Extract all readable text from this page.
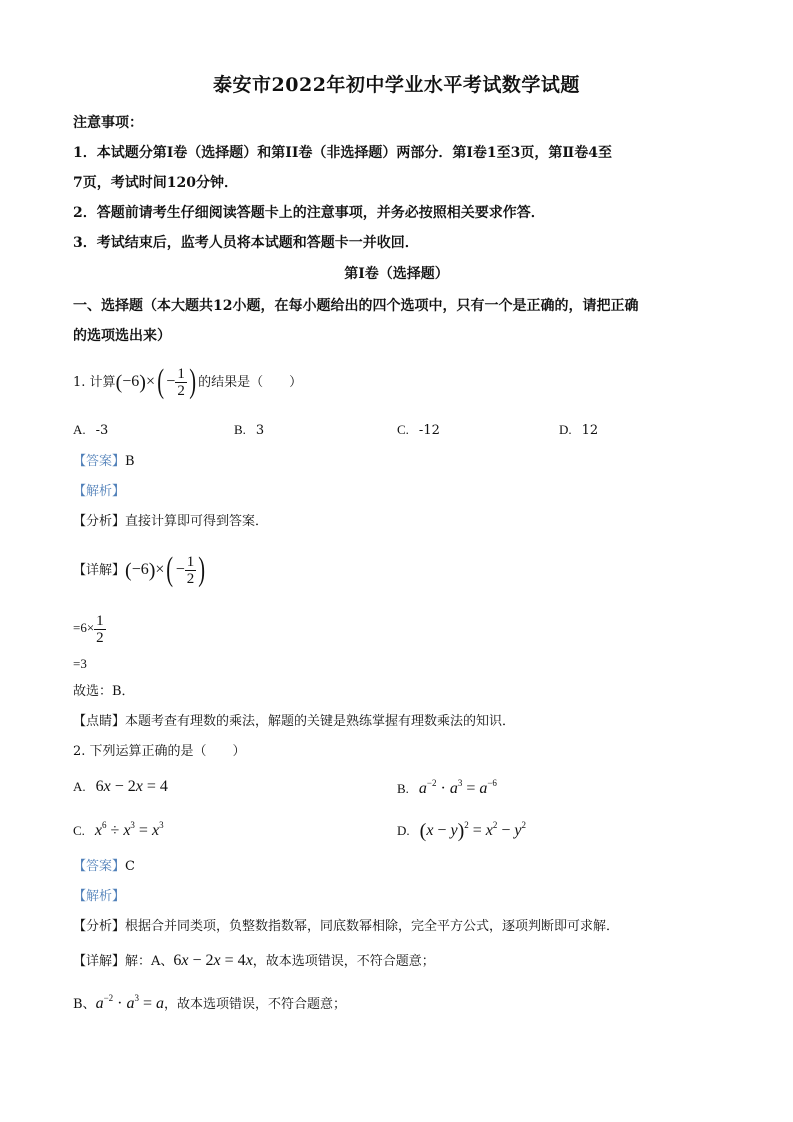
泰安市2022年初中学业水平考试数学试题
注意事项：
1．本试题分第Ⅰ卷（选择题）和第II卷（非选择题）两部分．第Ⅰ卷1至3页，第Ⅱ卷4至
7页，考试时间120分钟．
2．答题前请考生仔细阅读答题卡上的注意事项，并务必按照相关要求作答．
3．考试结束后，监考人员将本试题和答题卡一并收回．
第Ⅰ卷（选择题）
一、选择题（本大题共12小题，在每小题给出的四个选项中，只有一个是正确的，请把正确
的选项选出来）
1. 计算$(-6)\times( - \frac{1}{2}$ ) 的结果是（　　）
A. -3	B. 3	C. -12	D. 12
【答案】B
【解析】
【分析】直接计算即可得到答案．
【详解】$(-6)\times( - \frac{1}{2}$ )
$=6\times \frac{1}{2}$
=3
故选：B．
【点睛】本题考查有理数的乘法，解题的关键是熟练掌握有理数乘法的知识．
2. 下列运算正确的是（　　）
A. 6x − 2x = 4	B. $a^{-2} \cdot a^3 = a^{-6}$
C. $x^6 \div x^3 = x^3$	D. $(x - y)^2 = x^2 - y^2$
【答案】C
【解析】
【分析】根据合并同类项，负整数指数幂，同底数幂相除，完全平方公式，逐项判断即可求解．
【详解】解：A、6x − 2x = 4x，故本选项错误，不符合题意；
B、$a^{-2} \cdot a^3 = a$，故本选项错误，不符合题意；
